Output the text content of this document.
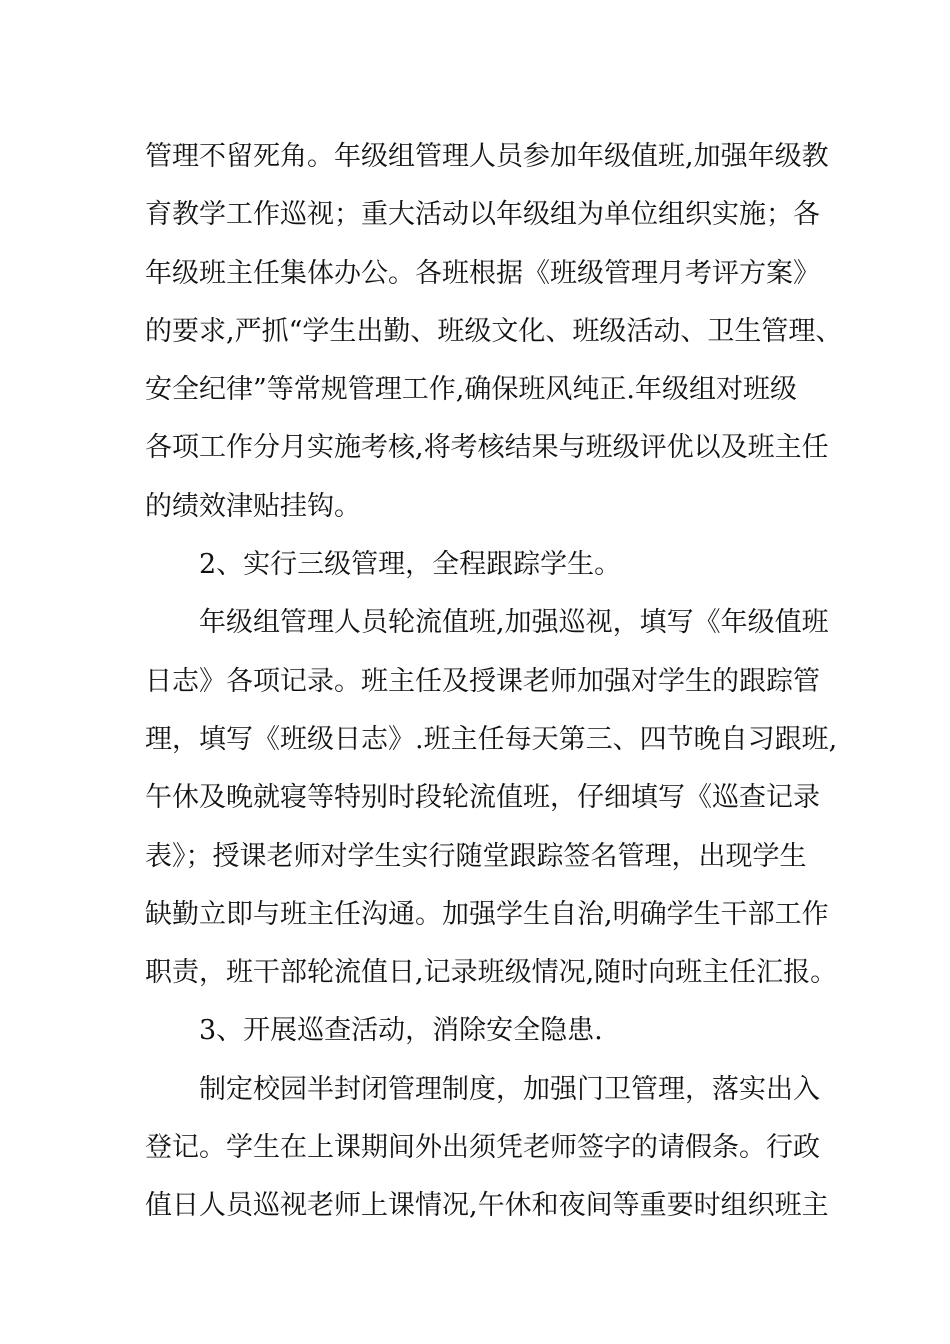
管理不留死角。年级组管理人员参加年级值班,加强年级教
育教学工作巡视；重大活动以年级组为单位组织实施；各
年级班主任集体办公。各班根据《班级管理月考评方案》
的要求,严抓“学生出勤、班级文化、班级活动、卫生管理、
安全纪律”等常规管理工作,确保班风纯正.年级组对班级
各项工作分月实施考核,将考核结果与班级评优以及班主任
的绩效津贴挂钩。
2、实行三级管理，全程跟踪学生。
年级组管理人员轮流值班,加强巡视，填写《年级值班
日志》各项记录。班主任及授课老师加强对学生的跟踪管
理，填写《班级日志》.班主任每天第三、四节晚自习跟班,
午休及晚就寝等特别时段轮流值班，仔细填写《巡查记录
表》；授课老师对学生实行随堂跟踪签名管理，出现学生
缺勤立即与班主任沟通。加强学生自治,明确学生干部工作
职责，班干部轮流值日,记录班级情况,随时向班主任汇报。
3、开展巡查活动，消除安全隐患.
制定校园半封闭管理制度，加强门卫管理，落实出入
登记。学生在上课期间外出须凭老师签字的请假条。行政
值日人员巡视老师上课情况,午休和夜间等重要时组织班主
